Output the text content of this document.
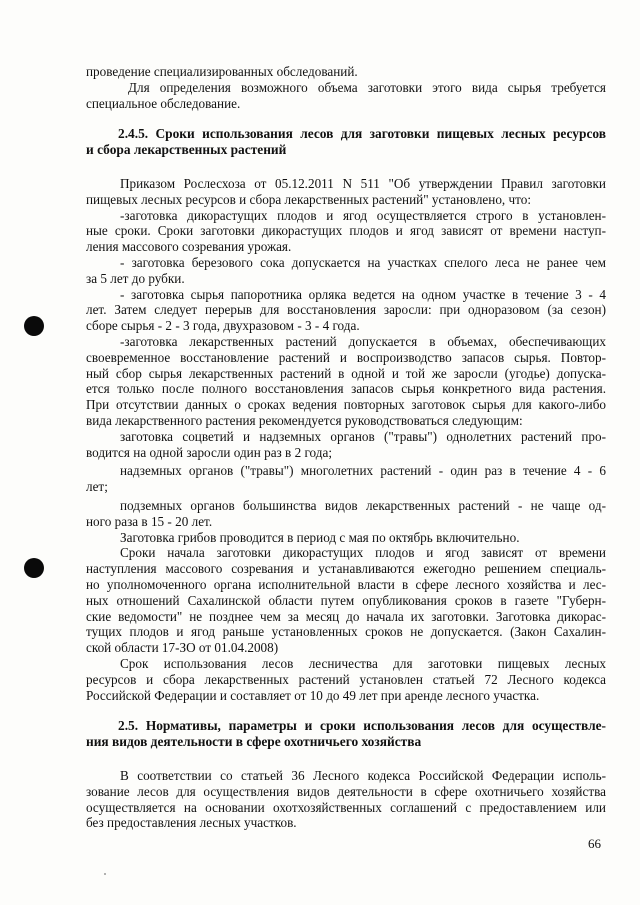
проведение специализированных обследований.
Для определения возможного объема заготовки этого вида сырья требуется
специальное обследование.
2.4.5. Сроки использования лесов для заготовки пищевых лесных ресурсов
и сбора лекарственных растений
Приказом Рослесхоза от 05.12.2011 N 511 "Об утверждении Правил заготовки
пищевых лесных ресурсов и сбора лекарственных растений" установлено, что:
-заготовка дикорастущих плодов и ягод осуществляется строго в установлен-
ные сроки. Сроки заготовки дикорастущих плодов и ягод зависят от времени наступ-
ления массового созревания урожая.
- заготовка березового сока допускается на участках спелого леса не ранее чем
за 5 лет до рубки.
- заготовка сырья папоротника орляка ведется на одном участке в течение 3 - 4
лет. Затем следует перерыв для восстановления заросли: при одноразовом (за сезон)
сборе сырья - 2 - 3 года, двухразовом - 3 - 4 года.
-заготовка лекарственных растений допускается в объемах, обеспечивающих
своевременное восстановление растений и воспроизводство запасов сырья. Повтор-
ный сбор сырья лекарственных растений в одной и той же заросли (угодье) допуска-
ется только после полного восстановления запасов сырья конкретного вида растения.
При отсутствии данных о сроках ведения повторных заготовок сырья для какого-либо
вида лекарственного растения рекомендуется руководствоваться следующим:
заготовка соцветий и надземных органов ("травы") однолетних растений про-
водится на одной заросли один раз в 2 года;
надземных органов ("травы") многолетних растений - один раз в течение 4 - 6
лет;
подземных органов большинства видов лекарственных растений - не чаще од-
ного раза в 15 - 20 лет.
Заготовка грибов проводится в период с мая по октябрь включительно.
Сроки начала заготовки дикорастущих плодов и ягод зависят от времени
наступления массового созревания и устанавливаются ежегодно решением специаль-
но уполномоченного органа исполнительной власти в сфере лесного хозяйства и лес-
ных отношений Сахалинской области путем опубликования сроков в газете "Губерн-
ские ведомости" не позднее чем за месяц до начала их заготовки. Заготовка дикорас-
тущих плодов и ягод раньше установленных сроков не допускается. (Закон Сахалин-
ской области 17-ЗО от 01.04.2008)
Срок использования лесов лесничества для заготовки пищевых лесных
ресурсов и сбора лекарственных растений установлен статьей 72 Лесного кодекса
Российской Федерации и составляет от 10 до 49 лет при аренде лесного участка.
2.5. Нормативы, параметры и сроки использования лесов для осуществле-
ния видов деятельности в сфере охотничьего хозяйства
В соответствии со статьей 36 Лесного кодекса Российской Федерации исполь-
зование лесов для осуществления видов деятельности в сфере охотничьего хозяйства
осуществляется на основании охотхозяйственных соглашений с предоставлением или
без предоставления лесных участков.
66
